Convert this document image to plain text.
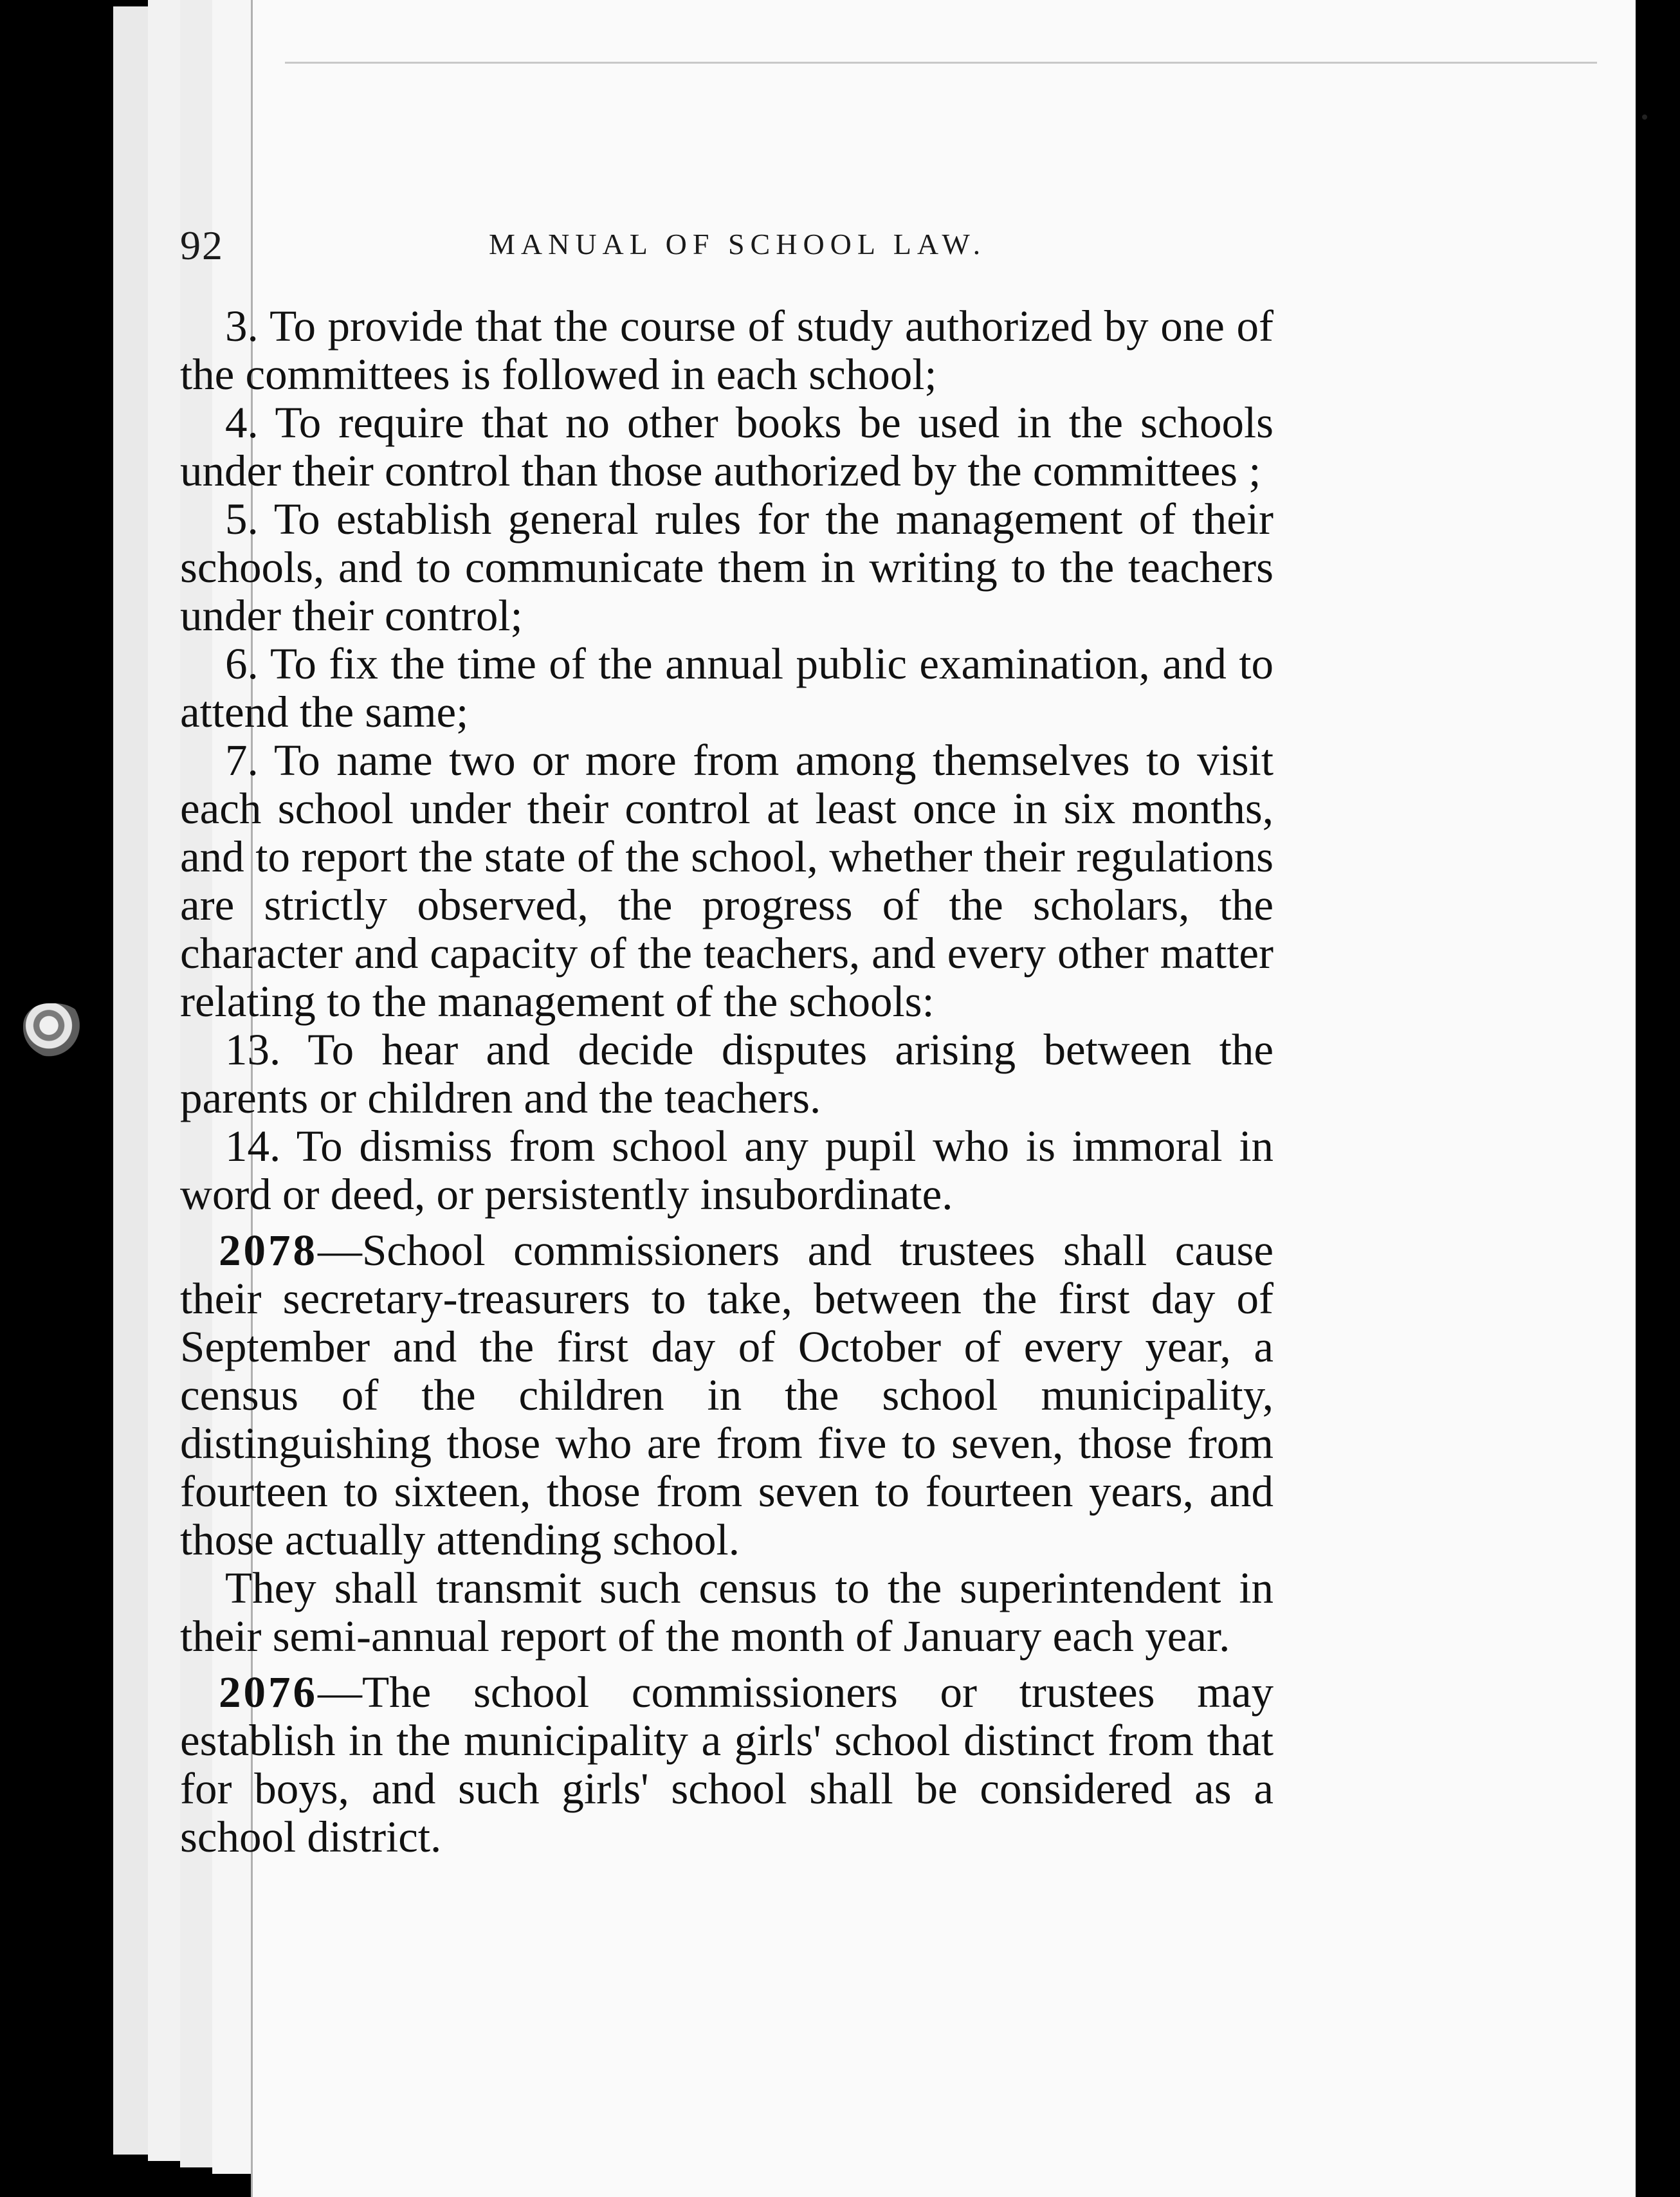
92	MANUAL OF SCHOOL LAW.

3. To provide that the course of study authorized by one of the committees is followed in each school;

4. To require that no other books be used in the schools under their control than those authorized by the committees ;

5. To establish general rules for the management of their schools, and to communicate them in writing to the teachers under their control;

6. To fix the time of the annual public examination, and to attend the same;

7. To name two or more from among themselves to visit each school under their control at least once in six months, and to report the state of the school, whether their regulations are strictly observed, the progress of the scholars, the character and capacity of the teachers, and every other matter relating to the management of the schools:

13. To hear and decide disputes arising between the parents or children and the teachers.

14. To dismiss from school any pupil who is immoral in word or deed, or persistently insubordinate.

2078—School commissioners and trustees shall cause their secretary-treasurers to take, between the first day of September and the first day of October of every year, a census of the children in the school municipality, distinguishing those who are from five to seven, those from fourteen to sixteen, those from seven to fourteen years, and those actually attending school.

They shall transmit such census to the superintendent in their semi-annual report of the month of January each year.

2076—The school commissioners or trustees may establish in the municipality a girls' school distinct from that for boys, and such girls' school shall be considered as a school district.
